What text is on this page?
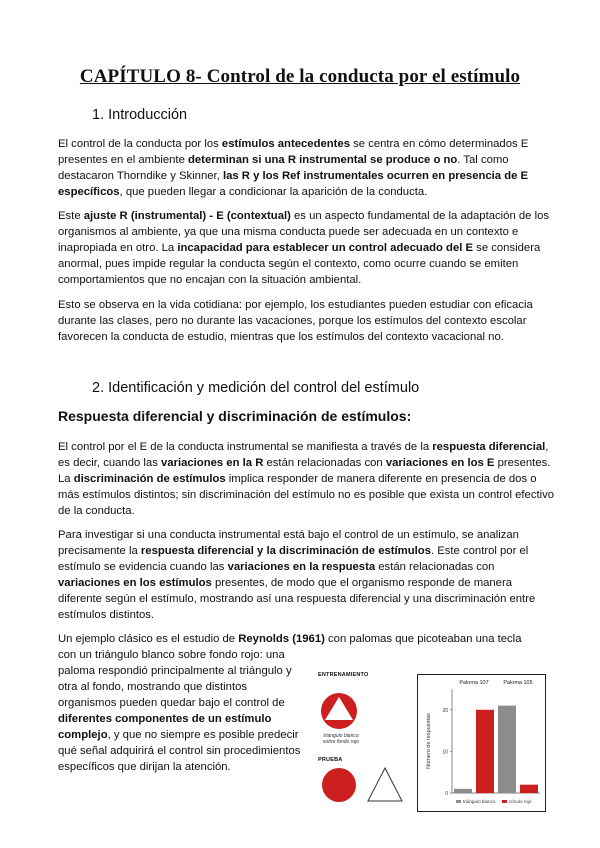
CAPÍTULO 8- Control de la conducta por el estímulo
1. Introducción

El control de la conducta por los estímulos antecedentes se centra en cómo determinados E presentes en el ambiente determinan si una R instrumental se produce o no. Tal como destacaron Thorndike y Skinner, las R y los Ref instrumentales ocurren en presencia de E específicos, que pueden llegar a condicionar la aparición de la conducta.

Este ajuste R (instrumental) - E (contextual) es un aspecto fundamental de la adaptación de los organismos al ambiente, ya que una misma conducta puede ser adecuada en un contexto e inapropiada en otro. La incapacidad para establecer un control adecuado del E se considera anormal, pues impide regular la conducta según el contexto, como ocurre cuando se emiten comportamientos que no encajan con la situación ambiental.

Esto se observa en la vida cotidiana: por ejemplo, los estudiantes pueden estudiar con eficacia durante las clases, pero no durante las vacaciones, porque los estímulos del contexto escolar favorecen la conducta de estudio, mientras que los estímulos del contexto vacacional no.

2. Identificación y medición del control del estímulo
Respuesta diferencial y discriminación de estímulos:

El control por el E de la conducta instrumental se manifiesta a través de la respuesta diferencial, es decir, cuando las variaciones en la R están relacionadas con variaciones en los E presentes. La discriminación de estímulos implica responder de manera diferente en presencia de dos o más estímulos distintos; sin discriminación del estímulo no es posible que exista un control efectivo de la conducta.

Para investigar si una conducta instrumental está bajo el control de un estímulo, se analizan precisamente la respuesta diferencial y la discriminación de estímulos. Este control por el estímulo se evidencia cuando las variaciones en la respuesta están relacionadas con variaciones en los estímulos presentes, de modo que el organismo responde de manera diferente según el estímulo, mostrando así una respuesta diferencial y una discriminación entre estímulos distintos.

Un ejemplo clásico es el estudio de Reynolds (1961) con palomas que picoteaban una tecla

con un triángulo blanco sobre fondo rojo: una paloma respondió principalmente al triángulo y otra al fondo, mostrando que distintos organismos pueden quedar bajo el control de diferentes componentes de un estímulo complejo, y que no siempre es posible predecir qué señal adquirirá el control sin procedimientos específicos que dirijan la atención.

ENTRENAMIENTO
triángulo blanco sobre fondo rojo
PRUEBA
0
10
20
Número de respuestas
Paloma 107	Paloma 105
triángulo blanco	círculo rojo
